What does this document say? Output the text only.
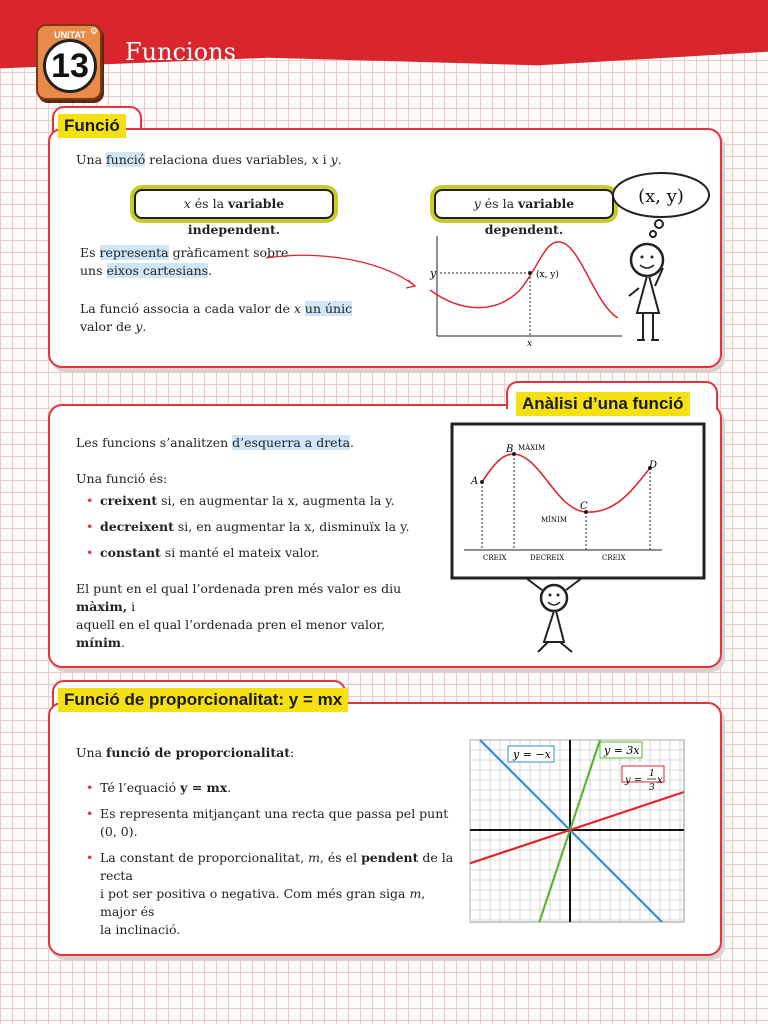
⚙
UNITAT
13	Funcions
Funció
Una funció relaciona dues variables, x i y.
x és la variable independent.
y és la variable dependent.
Es representa gràficament sobre
uns eixos cartesians.
La funció associa a cada valor de x un únic
valor de y.
y
x
(x, y)
(x, y)
Anàlisi d’una funció
Les funcions s’analitzen d’esquerra a dreta.
Una funció és:
• creixent si, en augmentar la x, augmenta la y.
• decreixent si, en augmentar la x, disminuïx la y.
• constant si manté el mateix valor.
El punt en el qual l’ordenada pren més valor es diu màxim, i
aquell en el qual l’ordenada pren el menor valor, mínim.
A
B MÀXIM
C
MÍNIM
D
CREIX	DECREIX	CREIX
Funció de proporcionalitat: y = mx
Una funció de proporcionalitat:
• Té l’equació y = mx.
• Es representa mitjançant una recta que passa pel punt (0, 0).
• La constant de proporcionalitat, m, és el pendent de la recta
i pot ser positiva o negativa. Com més gran siga m, major és
la inclinació.
y = −x	y = 3x
y =
1
3
x
